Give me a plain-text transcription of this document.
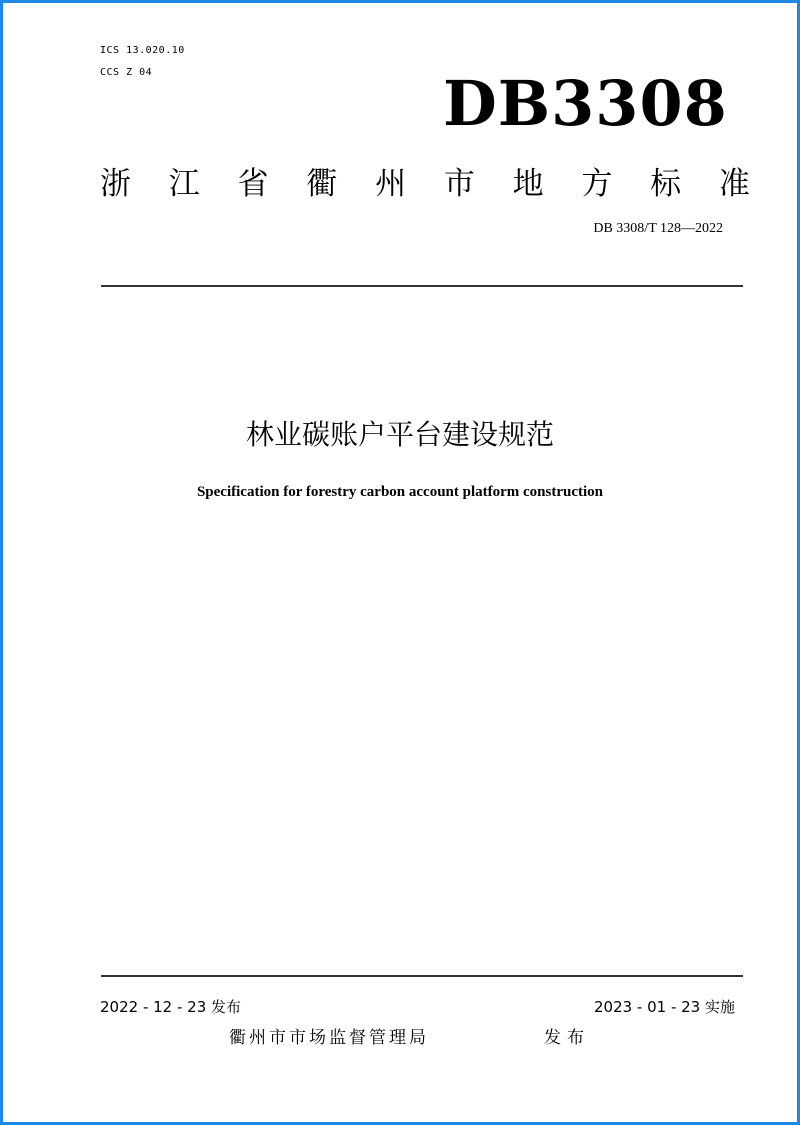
ICS 13.020.10
CCS Z 04	DB3308
浙 江 省 衢 州 市 地 方 标 准
DB 3308/T 128—2022
林业碳账户平台建设规范
Specification for forestry carbon account platform construction
2022 - 12 - 23 发布	2023 - 01 - 23 实施
衢州市市场监督管理局	发布
